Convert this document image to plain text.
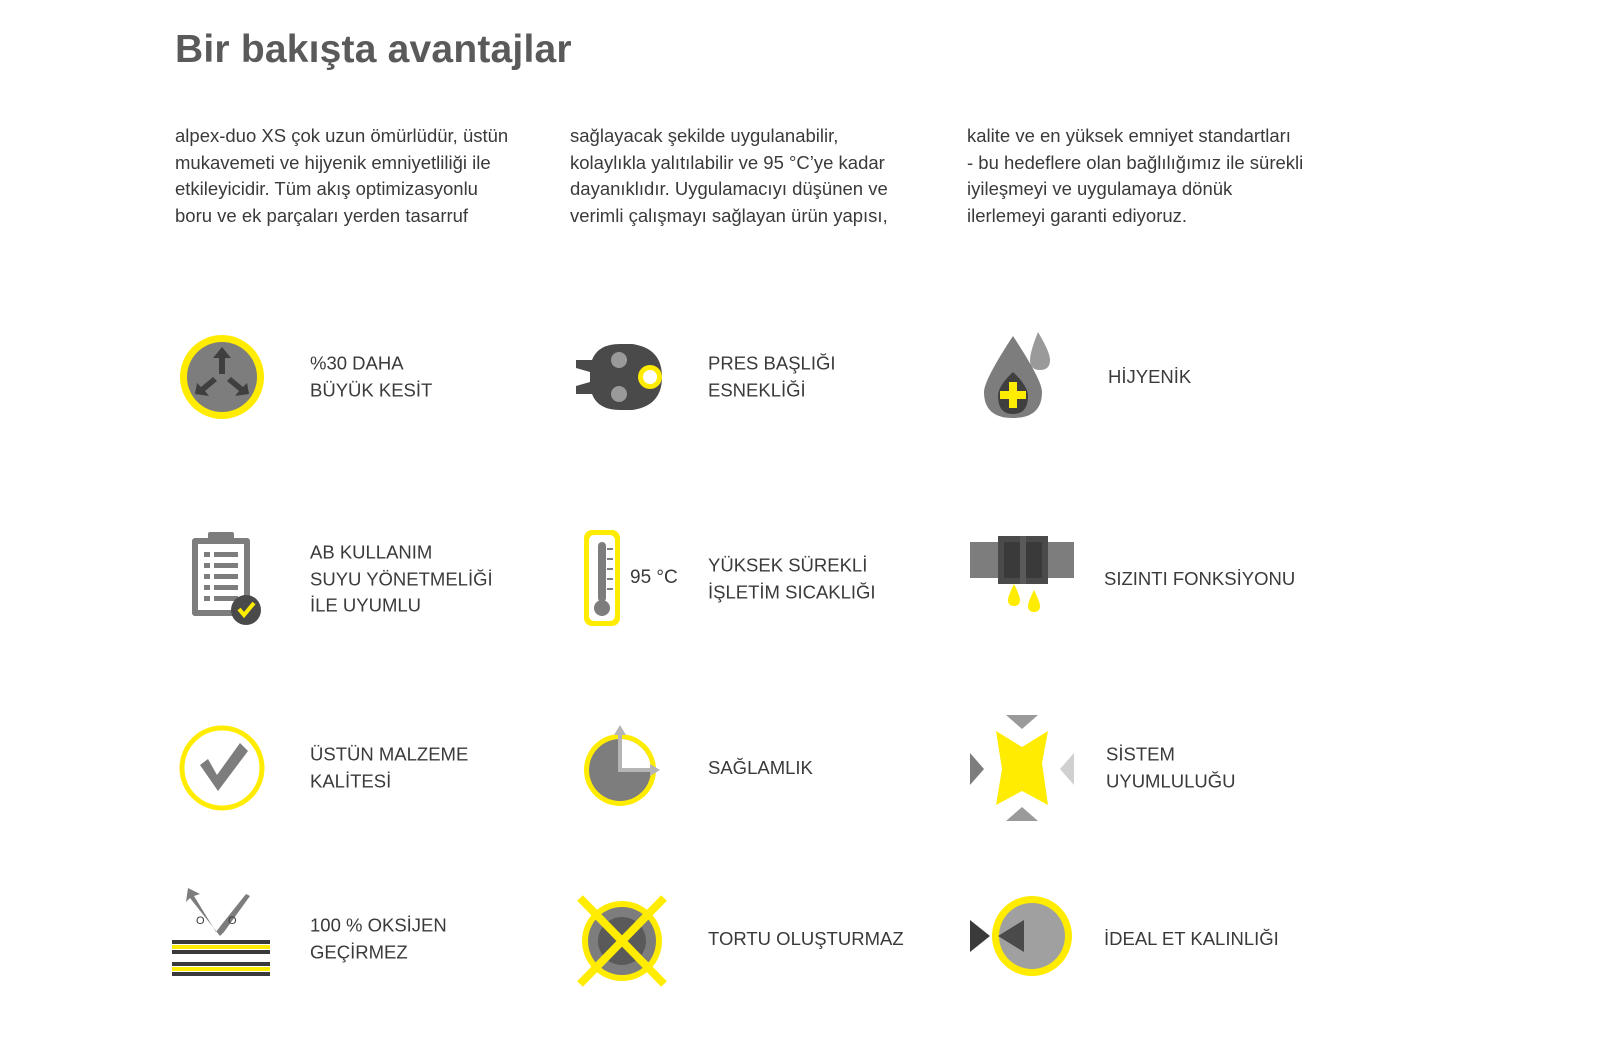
Bir bakışta avantajlar
alpex-duo XS çok uzun ömürlüdür, üstün
mukavemeti ve hijyenik emniyetliliği ile
etkileyicidir. Tüm akış optimizasyonlu
boru ve ek parçaları yerden tasarruf
sağlayacak şekilde uygulanabilir,
kolaylıkla yalıtılabilir ve 95 °C’ye kadar
dayanıklıdır. Uygulamacıyı düşünen ve
verimli çalışmayı sağlayan ürün yapısı,
kalite ve en yüksek emniyet standartları
- bu hedeflere olan bağlılığımız ile sürekli
iyileşmeyi ve uygulamaya dönük
ilerlemeyi garanti ediyoruz.
%30 DAHA
BÜYÜK KESİT
PRES BAŞLIĞI
ESNEKLİĞİ
HİJYENİK
AB KULLANIM
SUYU YÖNETMELİĞİ
İLE UYUMLU
YÜKSEK SÜREKLİ
İŞLETİM SICAKLIĞI
95 °C	SIZINTI FONKSİYONU
ÜSTÜN MALZEME
KALİTESİ
SAĞLAMLIK
SİSTEM
UYUMLULUĞU
O O	100 % OKSİJEN
GEÇİRMEZ
TORTU OLUŞTURMAZ	İDEAL ET KALINLIĞI
